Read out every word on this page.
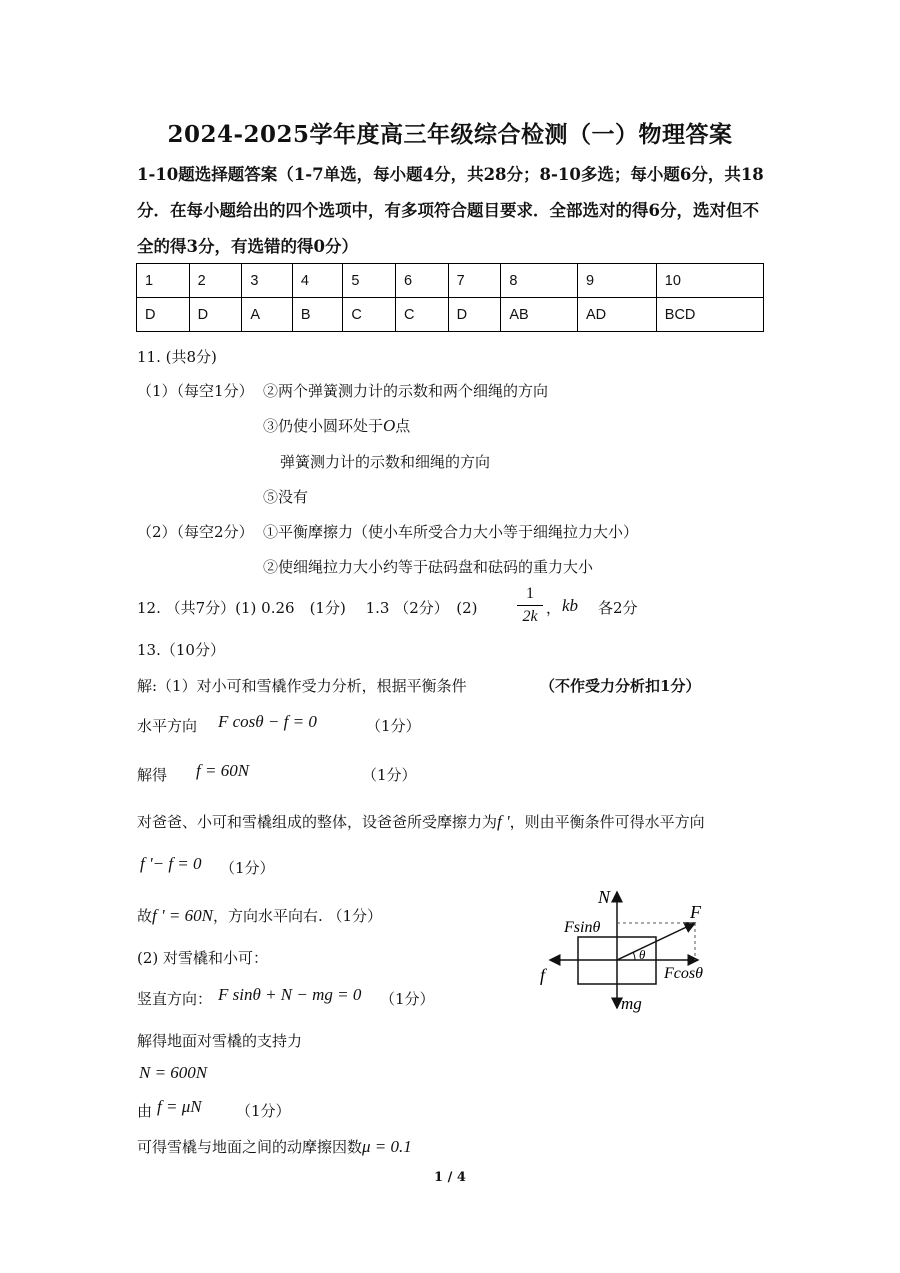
2024-2025学年度高三年级综合检测（一）物理答案
1-10题选择题答案（1-7单选，每小题4分，共28分；8-10多选；每小题6分，共18分．在每小题给出的四个选项中，有多项符合题目要求．全部选对的得6分，选对但不全的得3分，有选错的得0分）
1	2	3	4	5	6	7	8	9	10
D	D	A	B	C	C	D	AB	AD	BCD
11. (共8分)
（1）（每空1分） ②两个弹簧测力计的示数和两个细绳的方向
③仍使小圆环处于O点
弹簧测力计的示数和细绳的方向
⑤没有
（2）（每空2分） ①平衡摩擦力（使小车所受合力大小等于细绳拉力大小）
②使细绳拉力大小约等于砝码盘和砝码的重力大小
12. （共7分）(1) 0.26　(1分)　 1.3 （2分）　(2)
1
2k ， kb 各2分
13.（10分）
解:（1）对小可和雪橇作受力分析，根据平衡条件	（不作受力分析扣1分）
水平方向 F cosθ − f = 0	（1分）
解得 f = 60N	（1分）
对爸爸、小可和雪橇组成的整体，设爸爸所受摩擦力为f '，则由平衡条件可得水平方向
f '− f = 0 （1分）
故f ' = 60N，方向水平向右. （1分）
(2) 对雪橇和小可：
竖直方向： F sinθ + N − mg = 0 （1分）
解得地面对雪橇的支持力
N = 600N
由 f = μN （1分）
可得雪橇与地面之间的动摩擦因数μ = 0.1
N
F
Fsinθ
Fcosθ
f
mg
θ
1 / 4
